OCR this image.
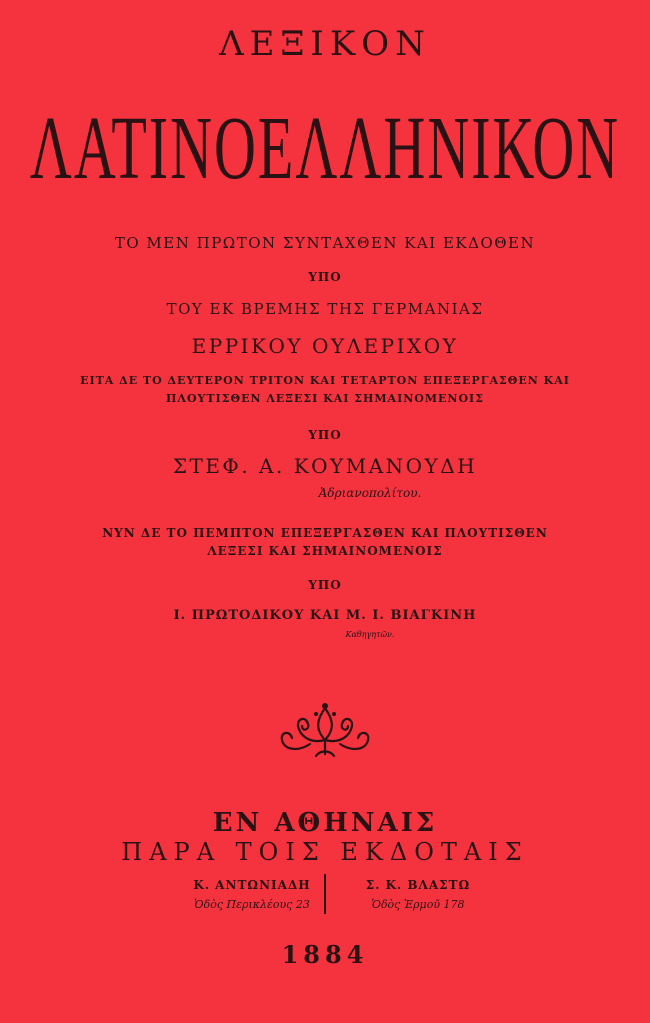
ΛΕΞΙΚΟΝ
ΛΑΤΙΝΟΕΛΛΗΝΙΚΟΝ
ΤΟ ΜΕΝ ΠΡΩΤΟΝ ΣΥΝΤΑΧΘΕΝ ΚΑΙ ΕΚΔΟΘΕΝ
ΥΠΟ
ΤΟΥ ΕΚ ΒΡΕΜΗΣ ΤΗΣ ΓΕΡΜΑΝΙΑΣ
ΕΡΡΙΚΟΥ ΟΥΛΕΡΙΧΟΥ
ΕΙΤΑ ΔΕ ΤΟ ΔΕΥΤΕΡΟΝ ΤΡΙΤΟΝ ΚΑΙ ΤΕΤΑΡΤΟΝ ΕΠΕΞΕΡΓΑΣΘΕΝ ΚΑΙ
ΠΛΟΥΤΙΣΘΕΝ ΛΕΞΕΣΙ ΚΑΙ ΣΗΜΑΙΝΟΜΕΝΟΙΣ
ΥΠΟ
ΣΤΕΦ. Α. ΚΟΥΜΑΝΟΥΔΗ
Ἀδριανοπολίτου.
ΝΥΝ ΔΕ ΤΟ ΠΕΜΠΤΟΝ ΕΠΕΞΕΡΓΑΣΘΕΝ ΚΑΙ ΠΛΟΥΤΙΣΘΕΝ
ΛΕΞΕΣΙ ΚΑΙ ΣΗΜΑΙΝΟΜΕΝΟΙΣ
ΥΠΟ
Ι. ΠΡΩΤΟΔΙΚΟΥ ΚΑΙ Μ. Ι. ΒΙΑΓΚΙΝΗ
Καθηγητῶν.
ΕΝ ΑΘΗΝΑΙΣ
ΠΑΡΑ ΤΟΙΣ ΕΚΔΟΤΑΙΣ
Κ. ΑΝΤΩΝΙΑΔΗ
Ὁδὸς Περικλέους 23
Σ. Κ. ΒΛΑΣΤΩ
Ὁδὸς Ἑρμοῦ 178
1884
